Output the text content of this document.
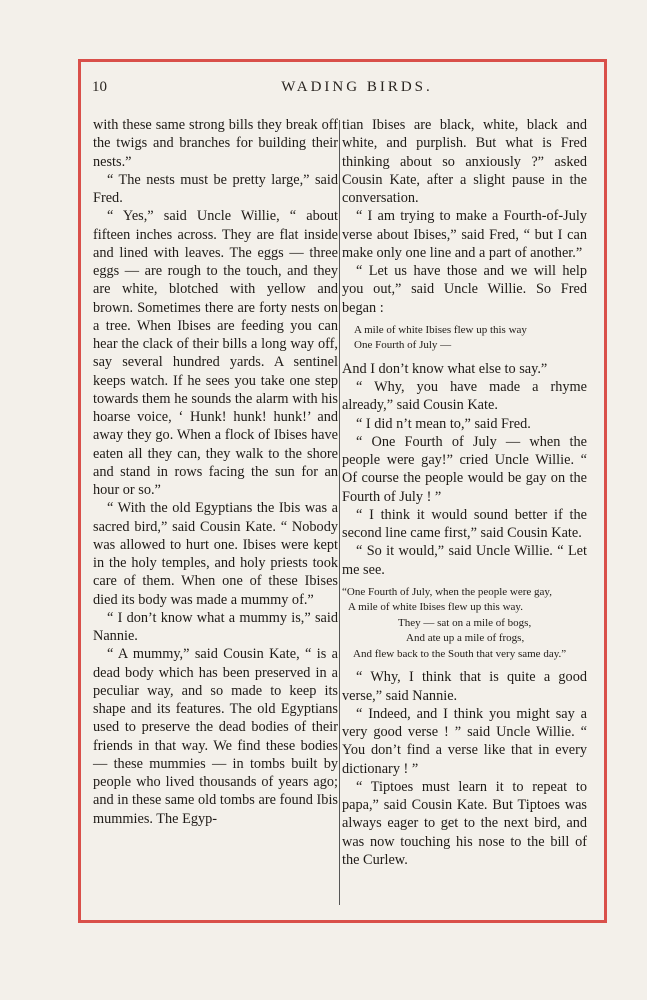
10	WADING BIRDS.

with these same strong bills they break off the twigs and branches for building their nests.”

“ The nests must be pretty large,” said Fred.

“ Yes,” said Uncle Willie, “ about fifteen inches across. They are flat inside and lined with leaves. The eggs — three eggs — are rough to the touch, and they are white, blotched with yellow and brown. Sometimes there are forty nests on a tree. When Ibises are feeding you can hear the clack of their bills a long way off, say several hundred yards. A sentinel keeps watch. If he sees you take one step towards them he sounds the alarm with his hoarse voice, ‘ Hunk! hunk! hunk!’ and away they go. When a flock of Ibises have eaten all they can, they walk to the shore and stand in rows facing the sun for an hour or so.”

“ With the old Egyptians the Ibis was a sacred bird,” said Cousin Kate. “ Nobody was allowed to hurt one. Ibises were kept in the holy temples, and holy priests took care of them. When one of these Ibises died its body was made a mummy of.”

“ I don’t know what a mummy is,” said Nannie.

“ A mummy,” said Cousin Kate, “ is a dead body which has been preserved in a peculiar way, and so made to keep its shape and its features. The old Egyptians used to preserve the dead bodies of their friends in that way. We find these bodies — these mummies — in tombs built by people who lived thousands of years ago; and in these same old tombs are found Ibis mummies. The Egyp-

tian Ibises are black, white, black and white, and purplish. But what is Fred thinking about so anxiously ?” asked Cousin Kate, after a slight pause in the conversation.

“ I am trying to make a Fourth-of-July verse about Ibises,” said Fred, “ but I can make only one line and a part of another.”

“ Let us have those and we will help you out,” said Uncle Willie. So Fred began :

A mile of white Ibises flew up this way
One Fourth of July —

And I don’t know what else to say.”

“ Why, you have made a rhyme already,” said Cousin Kate.

“ I did n’t mean to,” said Fred.

“ One Fourth of July — when the people were gay!” cried Uncle Willie. “ Of course the people would be gay on the Fourth of July ! ”

“ I think it would sound better if the second line came first,” said Cousin Kate.

“ So it would,” said Uncle Willie. “ Let me see.

“One Fourth of July, when the people were gay,
A mile of white Ibises flew up this way.
They — sat on a mile of bogs,
And ate up a mile of frogs,
And flew back to the South that very same day.”

“ Why, I think that is quite a good verse,” said Nannie.

“ Indeed, and I think you might say a very good verse ! ” said Uncle Willie. “ You don’t find a verse like that in every dictionary ! ”

“ Tiptoes must learn it to repeat to papa,” said Cousin Kate. But Tiptoes was always eager to get to the next bird, and was now touching his nose to the bill of the Curlew.
